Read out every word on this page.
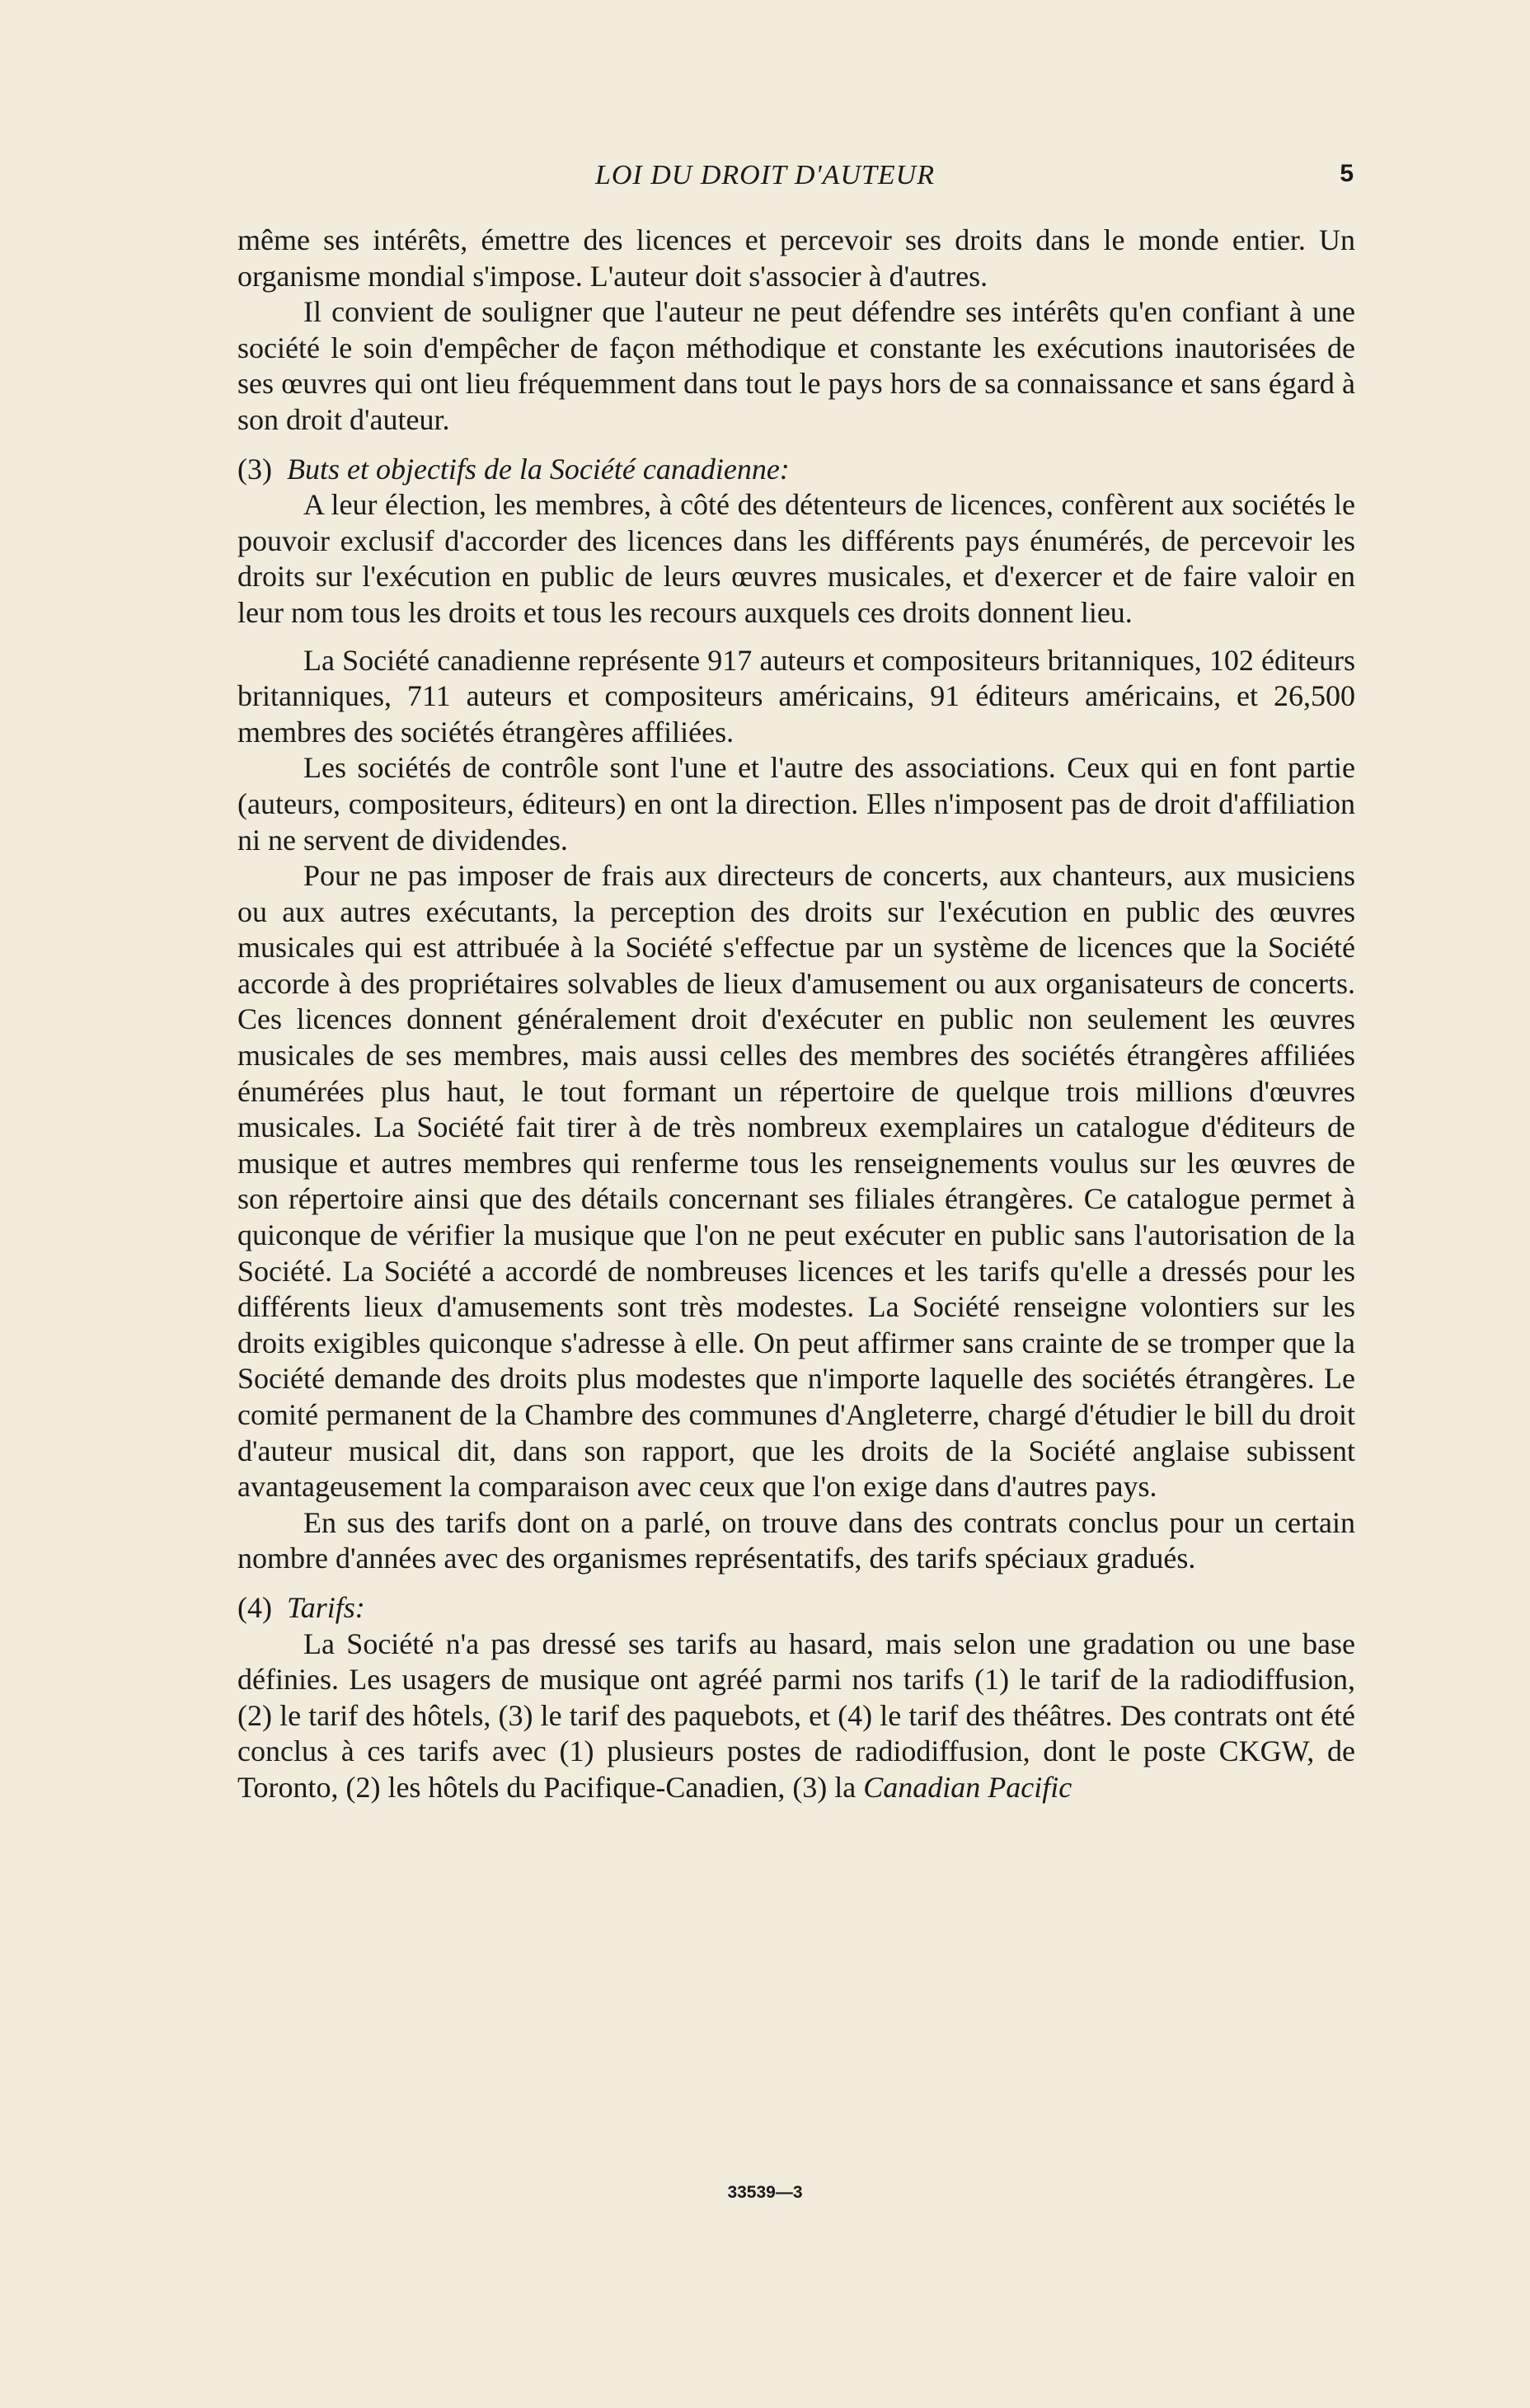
LOI DU DROIT D'AUTEUR	5

même ses intérêts, émettre des licences et percevoir ses droits dans le monde entier. Un organisme mondial s'impose. L'auteur doit s'associer à d'autres.

Il convient de souligner que l'auteur ne peut défendre ses intérêts qu'en confiant à une société le soin d'empêcher de façon méthodique et constante les exécutions inautorisées de ses œuvres qui ont lieu fréquemment dans tout le pays hors de sa connaissance et sans égard à son droit d'auteur.

(3) Buts et objectifs de la Société canadienne:

A leur élection, les membres, à côté des détenteurs de licences, confèrent aux sociétés le pouvoir exclusif d'accorder des licences dans les différents pays énumérés, de percevoir les droits sur l'exécution en public de leurs œuvres musicales, et d'exercer et de faire valoir en leur nom tous les droits et tous les recours auxquels ces droits donnent lieu.

La Société canadienne représente 917 auteurs et compositeurs britanniques, 102 éditeurs britanniques, 711 auteurs et compositeurs américains, 91 éditeurs américains, et 26,500 membres des sociétés étrangères affiliées.

Les sociétés de contrôle sont l'une et l'autre des associations. Ceux qui en font partie (auteurs, compositeurs, éditeurs) en ont la direction. Elles n'imposent pas de droit d'affiliation ni ne servent de dividendes.

Pour ne pas imposer de frais aux directeurs de concerts, aux chanteurs, aux musiciens ou aux autres exécutants, la perception des droits sur l'exécution en public des œuvres musicales qui est attribuée à la Société s'effectue par un système de licences que la Société accorde à des propriétaires solvables de lieux d'amusement ou aux organisateurs de concerts. Ces licences donnent généralement droit d'exécuter en public non seulement les œuvres musicales de ses membres, mais aussi celles des membres des sociétés étrangères affiliées énumérées plus haut, le tout formant un répertoire de quelque trois millions d'œuvres musicales. La Société fait tirer à de très nombreux exemplaires un catalogue d'éditeurs de musique et autres membres qui renferme tous les renseignements voulus sur les œuvres de son répertoire ainsi que des détails concernant ses filiales étrangères. Ce catalogue permet à quiconque de vérifier la musique que l'on ne peut exécuter en public sans l'autorisation de la Société. La Société a accordé de nombreuses licences et les tarifs qu'elle a dressés pour les différents lieux d'amusements sont très modestes. La Société renseigne volontiers sur les droits exigibles quiconque s'adresse à elle. On peut affirmer sans crainte de se tromper que la Société demande des droits plus modestes que n'importe laquelle des sociétés étrangères. Le comité permanent de la Chambre des communes d'Angleterre, chargé d'étudier le bill du droit d'auteur musical dit, dans son rapport, que les droits de la Société anglaise subissent avantageusement la comparaison avec ceux que l'on exige dans d'autres pays.

En sus des tarifs dont on a parlé, on trouve dans des contrats conclus pour un certain nombre d'années avec des organismes représentatifs, des tarifs spéciaux gradués.

(4) Tarifs:

La Société n'a pas dressé ses tarifs au hasard, mais selon une gradation ou une base définies. Les usagers de musique ont agréé parmi nos tarifs (1) le tarif de la radiodiffusion, (2) le tarif des hôtels, (3) le tarif des paquebots, et (4) le tarif des théâtres. Des contrats ont été conclus à ces tarifs avec (1) plusieurs postes de radiodiffusion, dont le poste CKGW, de Toronto, (2) les hôtels du Pacifique-Canadien, (3) la Canadian Pacific

33539—3
